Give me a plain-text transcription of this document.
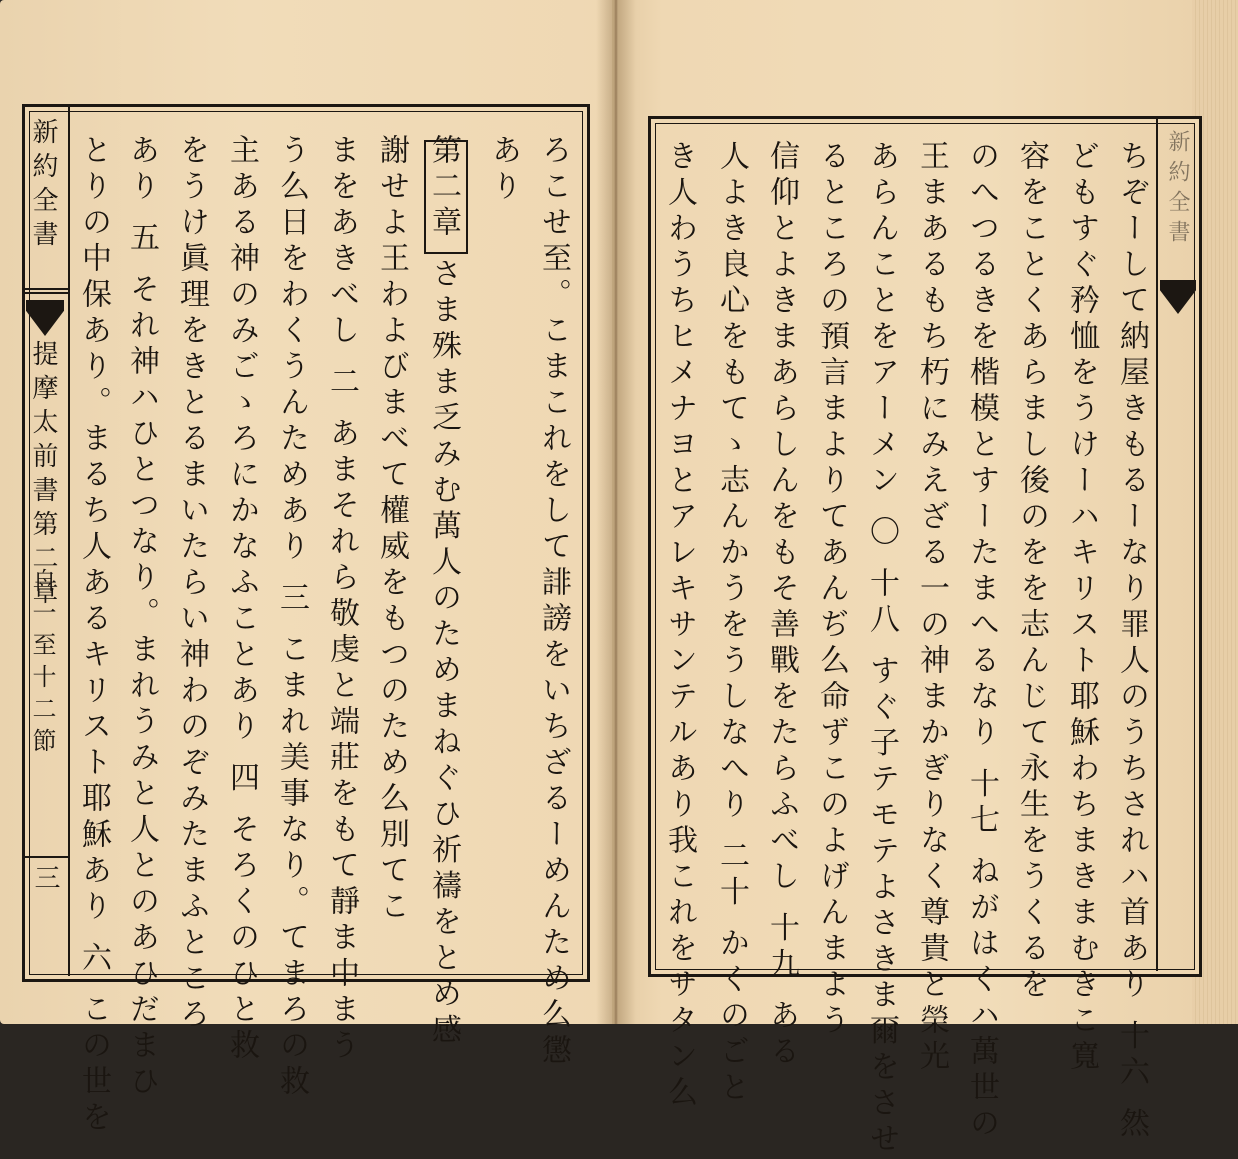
新約全書
提摩太前書第二章
自一至十二節
三	ろこせ至。こまこれをして誹謗をいちざるーめんため么懲
あり
第二章 さま殊ま乏みむ萬人のためまねぐひ祈禱をとめ感
謝せよ王わよびまべて權威をもつのため么別てこ
まをあきべし 二 あまそれら敬虔と端莊をもて靜ま中まう
う么日をわくうんためあり 三 こまれ美事なり。てまろの救
主ある神のみごゝろにかなふことあり 四 そろくのひと救
をうけ眞理をきとるまいたらい神わのぞみたまふところ
あり 五 それ神ハひとつなり。まれうみと人とのあひだまひ
とりの中保あり。まるち人あるキリスト耶穌あり 六 この世を	新約全書
ちぞーして納屋きもるーなり罪人のうちされハ首あり 十六 然
どもすぐ矜恤をうけーハキリスト耶穌わちまきまむきこ寬
容をことくあらまし後のをを志んじて永生をうくるを
のへつるきを楷模とすーたまへるなり 十七 ねがはくハ萬世の
王まあるもち朽にみえざる一の神まかぎりなく尊貴と榮光
あらんことをアーメン 〇 十八 すぐ子テモテよさきま爾をさせ
るところの預言まよりてあんぢ么命ずこのよげんまよう
信仰とよきまあらしんをもそ善戰をたらふべし 十九 ある
人よき良心をもてゝ志んかうをうしなへり 二十 かくのごと
き人わうちヒメナヨとアレキサンテルあり我これをサタン么
